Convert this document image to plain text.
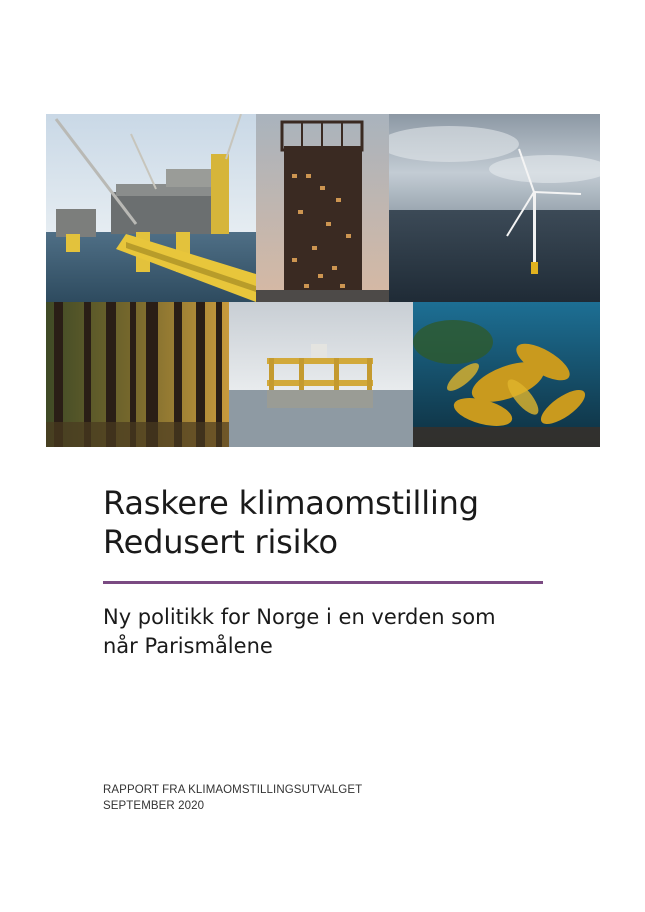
Raskere klimaomstilling
Redusert risiko
Ny politikk for Norge i en verden som
når Parismålene
RAPPORT FRA KLIMAOMSTILLINGSUTVALGET
SEPTEMBER 2020
